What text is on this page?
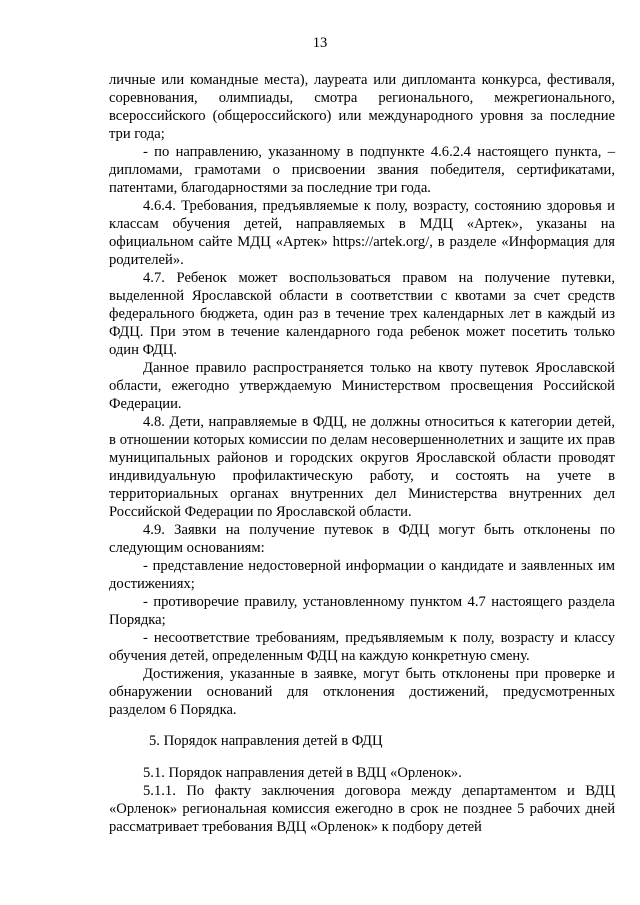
13

личные или командные места), лауреата или дипломанта конкурса, фестиваля, соревнования, олимпиады, смотра регионального, межрегионального, всероссийского (общероссийского) или международного уровня за последние три года;

- по направлению, указанному в подпункте 4.6.2.4 настоящего пункта, – дипломами, грамотами о присвоении звания победителя, сертификатами, патентами, благодарностями за последние три года.

4.6.4. Требования, предъявляемые к полу, возрасту, состоянию здоровья и классам обучения детей, направляемых в МДЦ «Артек», указаны на официальном сайте МДЦ «Артек» https://artek.org/, в разделе «Информация для родителей».

4.7. Ребенок может воспользоваться правом на получение путевки, выделенной Ярославской области в соответствии с квотами за счет средств федерального бюджета, один раз в течение трех календарных лет в каждый из ФДЦ. При этом в течение календарного года ребенок может посетить только один ФДЦ.

Данное правило распространяется только на квоту путевок Ярославской области, ежегодно утверждаемую Министерством просвещения Российской Федерации.

4.8. Дети, направляемые в ФДЦ, не должны относиться к категории детей, в отношении которых комиссии по делам несовершеннолетних и защите их прав муниципальных районов и городских округов Ярославской области проводят индивидуальную профилактическую работу, и состоять на учете в территориальных органах внутренних дел Министерства внутренних дел Российской Федерации по Ярославской области.

4.9. Заявки на получение путевок в ФДЦ могут быть отклонены по следующим основаниям:

- представление недостоверной информации о кандидате и заявленных им достижениях;

- противоречие правилу, установленному пунктом 4.7 настоящего раздела Порядка;

- несоответствие требованиям, предъявляемым к полу, возрасту и классу обучения детей, определенным ФДЦ на каждую конкретную смену.

Достижения, указанные в заявке, могут быть отклонены при проверке и обнаружении оснований для отклонения достижений, предусмотренных разделом 6 Порядка.

5. Порядок направления детей в ФДЦ

5.1. Порядок направления детей в ВДЦ «Орленок».

5.1.1. По факту заключения договора между департаментом и ВДЦ «Орленок» региональная комиссия ежегодно в срок не позднее 5 рабочих дней рассматривает требования ВДЦ «Орленок» к подбору детей
